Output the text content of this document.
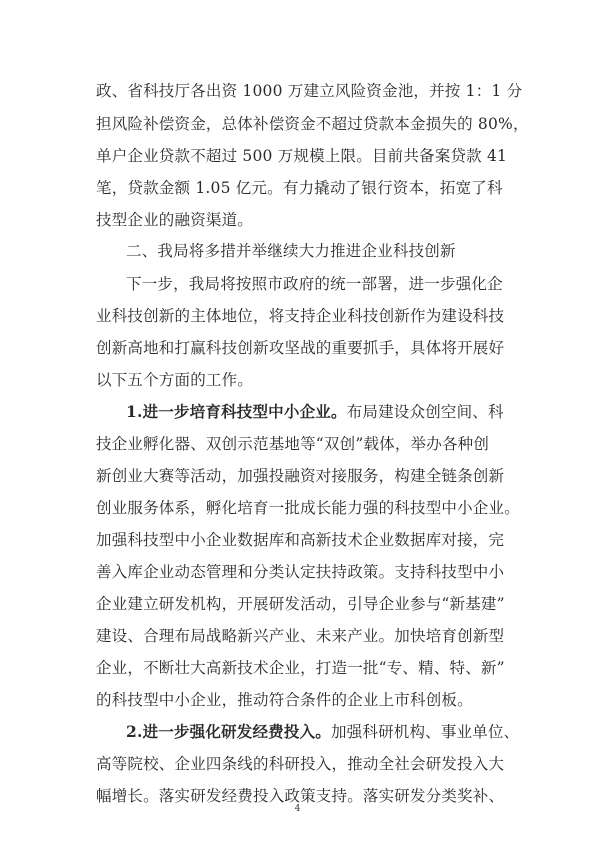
政、省科技厅各出资 1000 万建立风险资金池，并按 1：1 分
担风险补偿资金，总体补偿资金不超过贷款本金损失的 80%，
单户企业贷款不超过 500 万规模上限。目前共备案贷款 41
笔，贷款金额 1.05 亿元。有力撬动了银行资本，拓宽了科
技型企业的融资渠道。
二、我局将多措并举继续大力推进企业科技创新
下一步，我局将按照市政府的统一部署，进一步强化企
业科技创新的主体地位，将支持企业科技创新作为建设科技
创新高地和打赢科技创新攻坚战的重要抓手，具体将开展好
以下五个方面的工作。
1.进一步培育科技型中小企业。布局建设众创空间、科
技企业孵化器、双创示范基地等“双创”载体，举办各种创
新创业大赛等活动，加强投融资对接服务，构建全链条创新
创业服务体系，孵化培育一批成长能力强的科技型中小企业。
加强科技型中小企业数据库和高新技术企业数据库对接，完
善入库企业动态管理和分类认定扶持政策。支持科技型中小
企业建立研发机构，开展研发活动，引导企业参与“新基建”
建设、合理布局战略新兴产业、未来产业。加快培育创新型
企业，不断壮大高新技术企业，打造一批“专、精、特、新”
的科技型中小企业，推动符合条件的企业上市科创板。
2.进一步强化研发经费投入。加强科研机构、事业单位、
高等院校、企业四条线的科研投入，推动全社会研发投入大
幅增长。落实研发经费投入政策支持。落实研发分类奖补、
4
